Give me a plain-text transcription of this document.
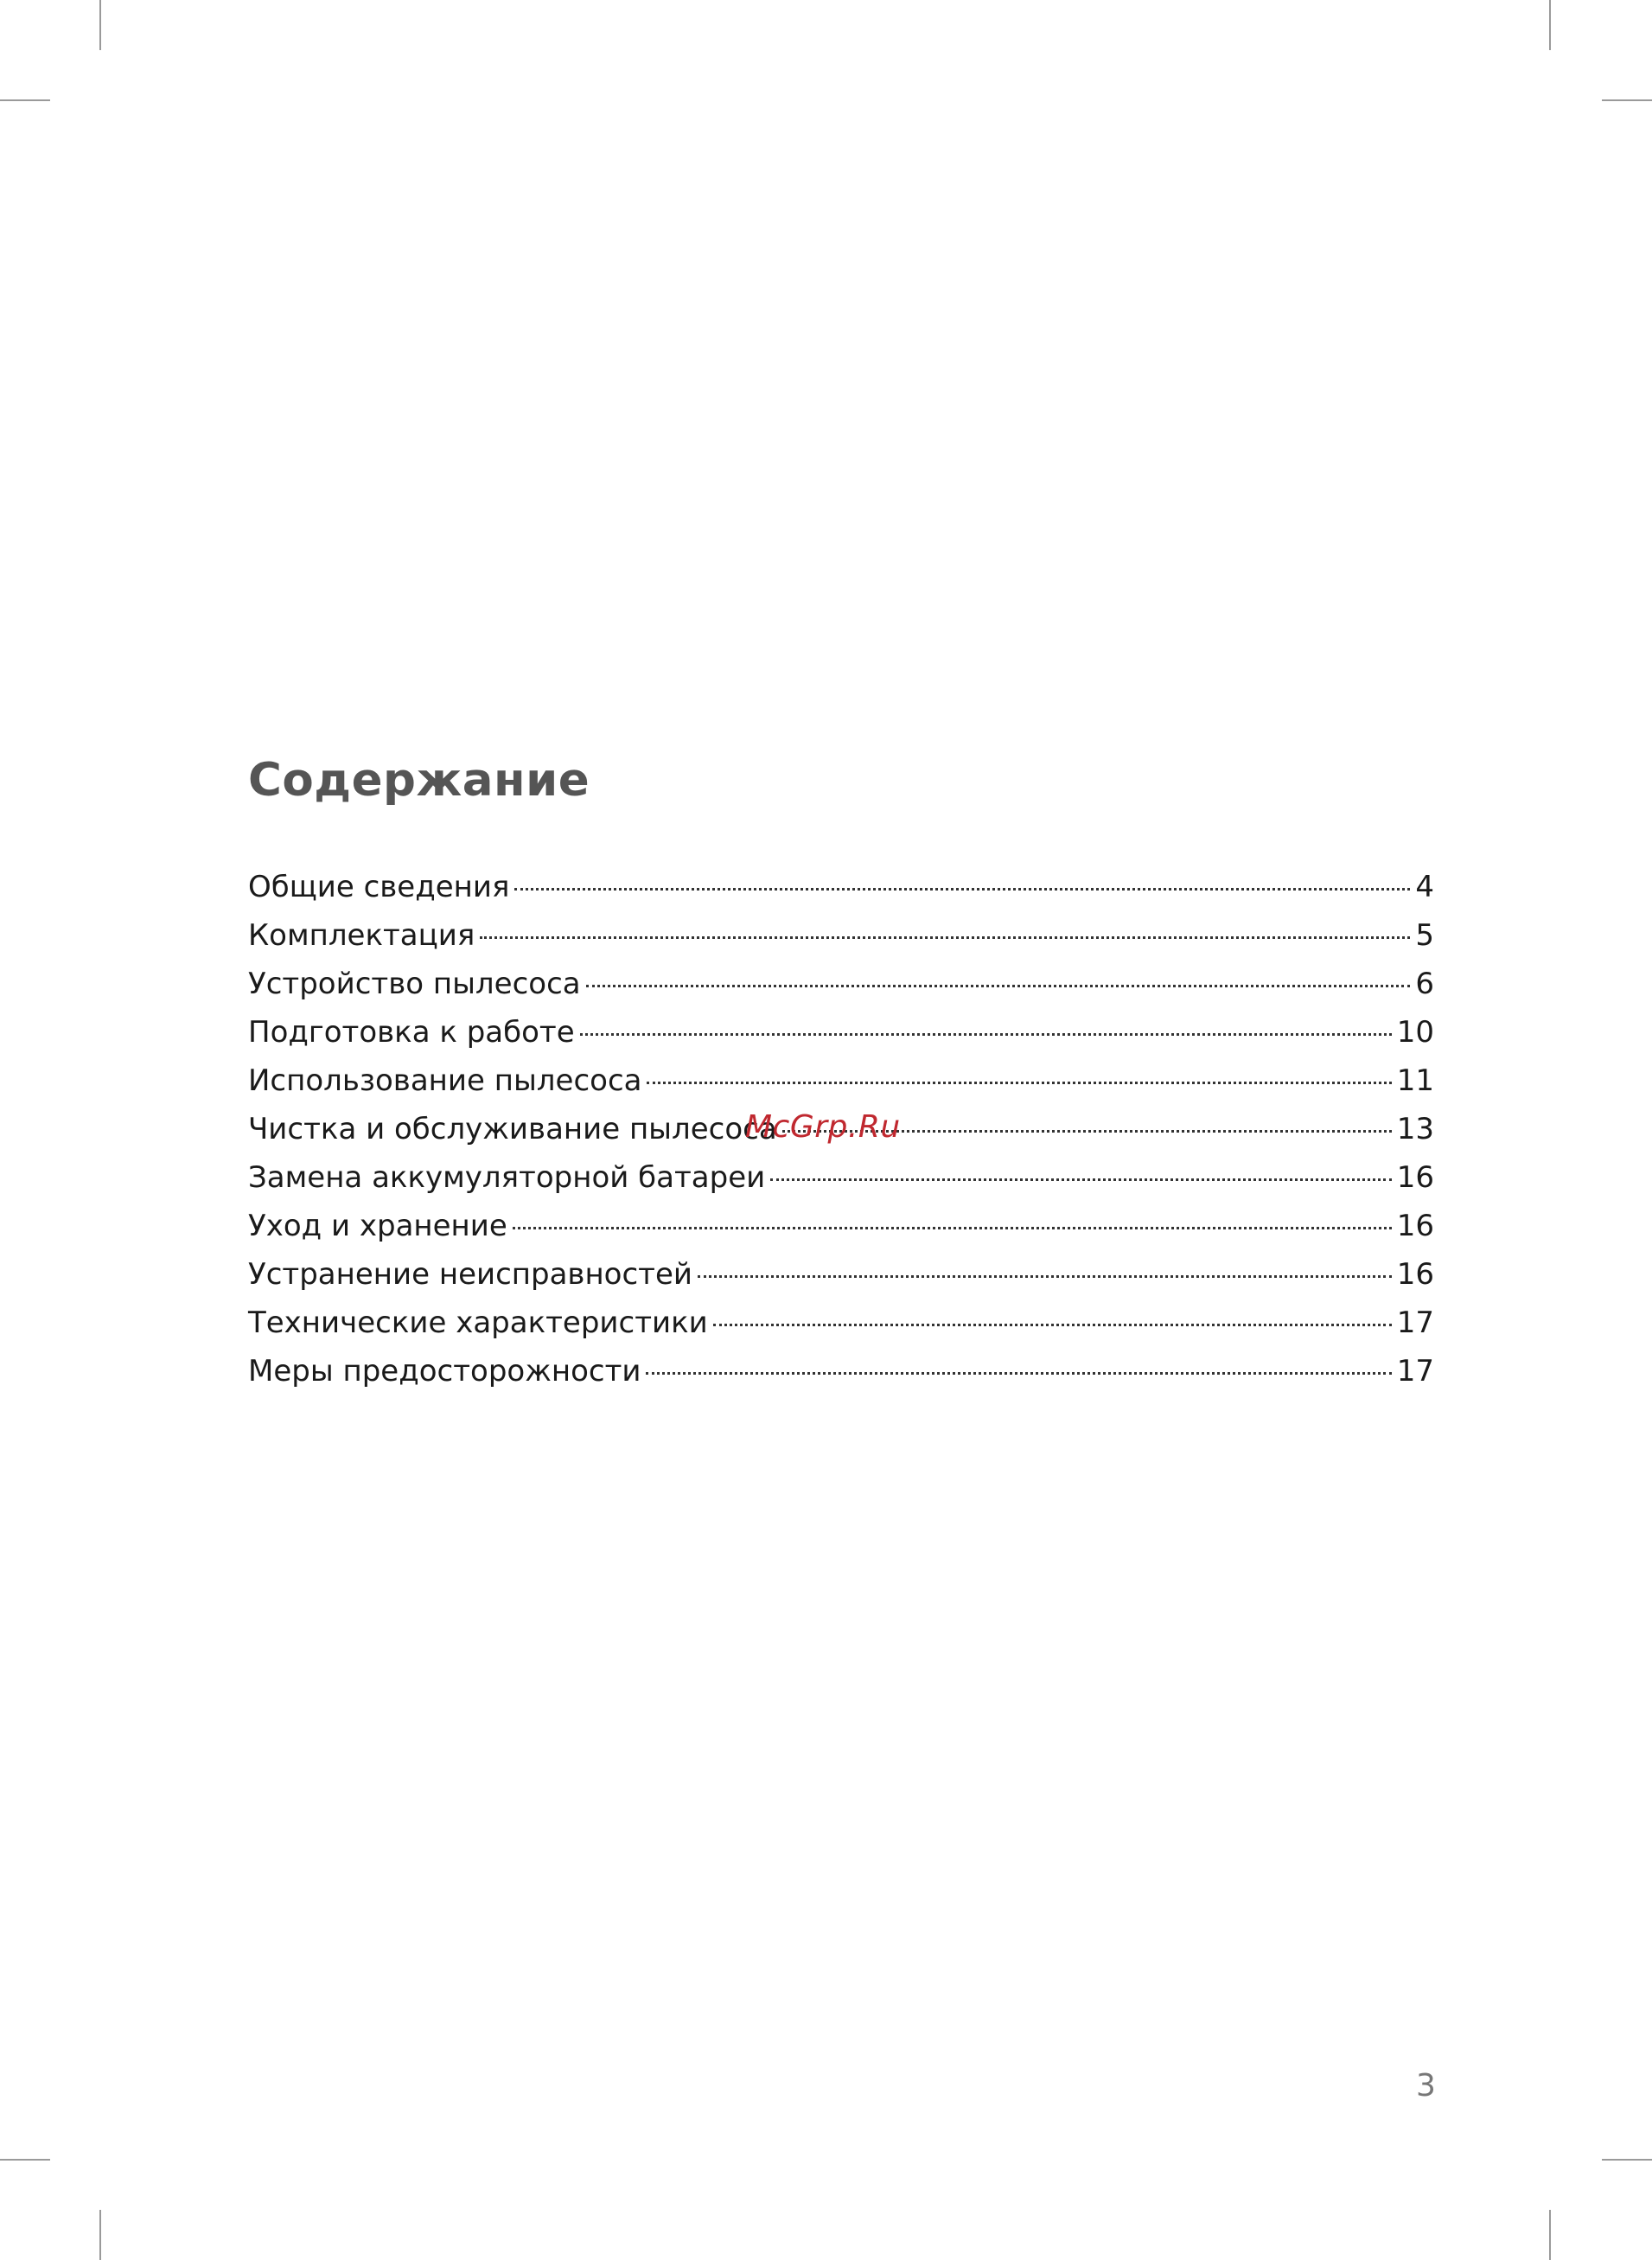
Содержание
Общие сведения	4
Комплектация	5
Устройство пылесоса	6
Подготовка к работе	10
Использование пылесоса	11
Чистка и обслуживание пылесоса	13
Замена аккумуляторной батареи	16
Уход и хранение	16
Устранение неисправностей	16
Технические характеристики	17
Меры предосторожности	17
McGrp.Ru
3
